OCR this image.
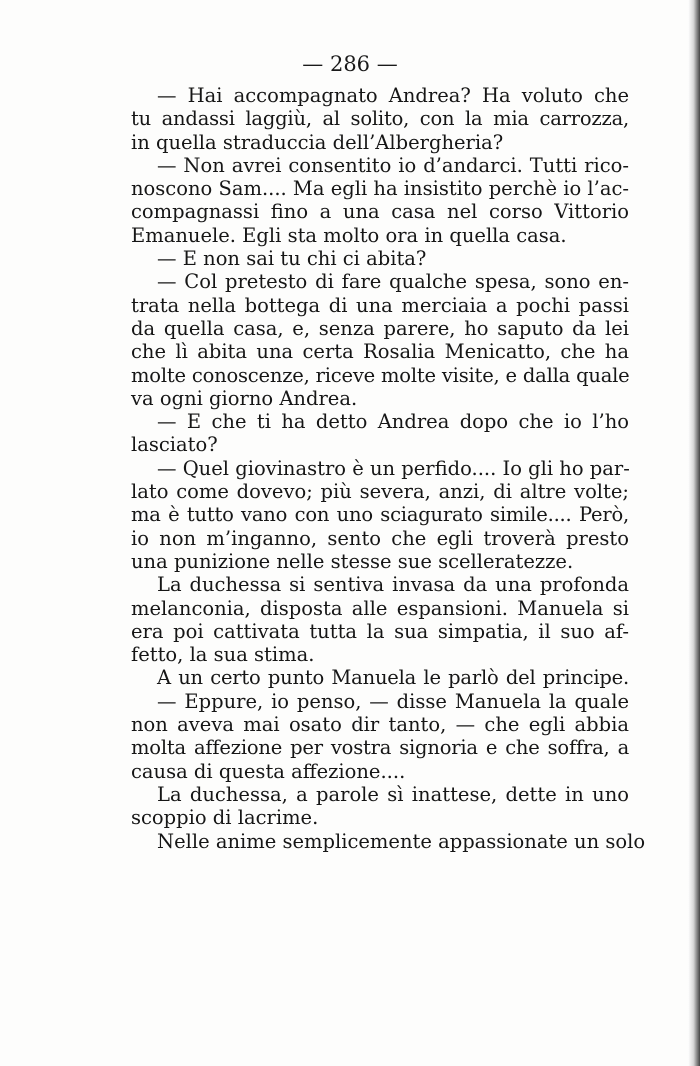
— 286 —
— Hai accompagnato Andrea? Ha voluto che
tu andassi laggiù, al solito, con la mia carrozza,
in quella straduccia dell’Albergheria?
— Non avrei consentito io d’andarci. Tutti rico-
noscono Sam.... Ma egli ha insistito perchè io l’ac-
compagnassi fino a una casa nel corso Vittorio
Emanuele. Egli sta molto ora in quella casa.
— E non sai tu chi ci abita?
— Col pretesto di fare qualche spesa, sono en-
trata nella bottega di una merciaia a pochi passi
da quella casa, e, senza parere, ho saputo da lei
che lì abita una certa Rosalia Menicatto, che ha
molte conoscenze, riceve molte visite, e dalla quale
va ogni giorno Andrea.
— E che ti ha detto Andrea dopo che io l’ho
lasciato?
— Quel giovinastro è un perfido.... Io gli ho par-
lato come dovevo; più severa, anzi, di altre volte;
ma è tutto vano con uno sciagurato simile.... Però,
io non m’inganno, sento che egli troverà presto
una punizione nelle stesse sue scelleratezze.
La duchessa si sentiva invasa da una profonda
melanconia, disposta alle espansioni. Manuela si
era poi cattivata tutta la sua simpatia, il suo af-
fetto, la sua stima.
A un certo punto Manuela le parlò del principe.
— Eppure, io penso, — disse Manuela la quale
non aveva mai osato dir tanto, — che egli abbia
molta affezione per vostra signoria e che soffra, a
causa di questa affezione....
La duchessa, a parole sì inattese, dette in uno
scoppio di lacrime.
Nelle anime semplicemente appassionate un solo
